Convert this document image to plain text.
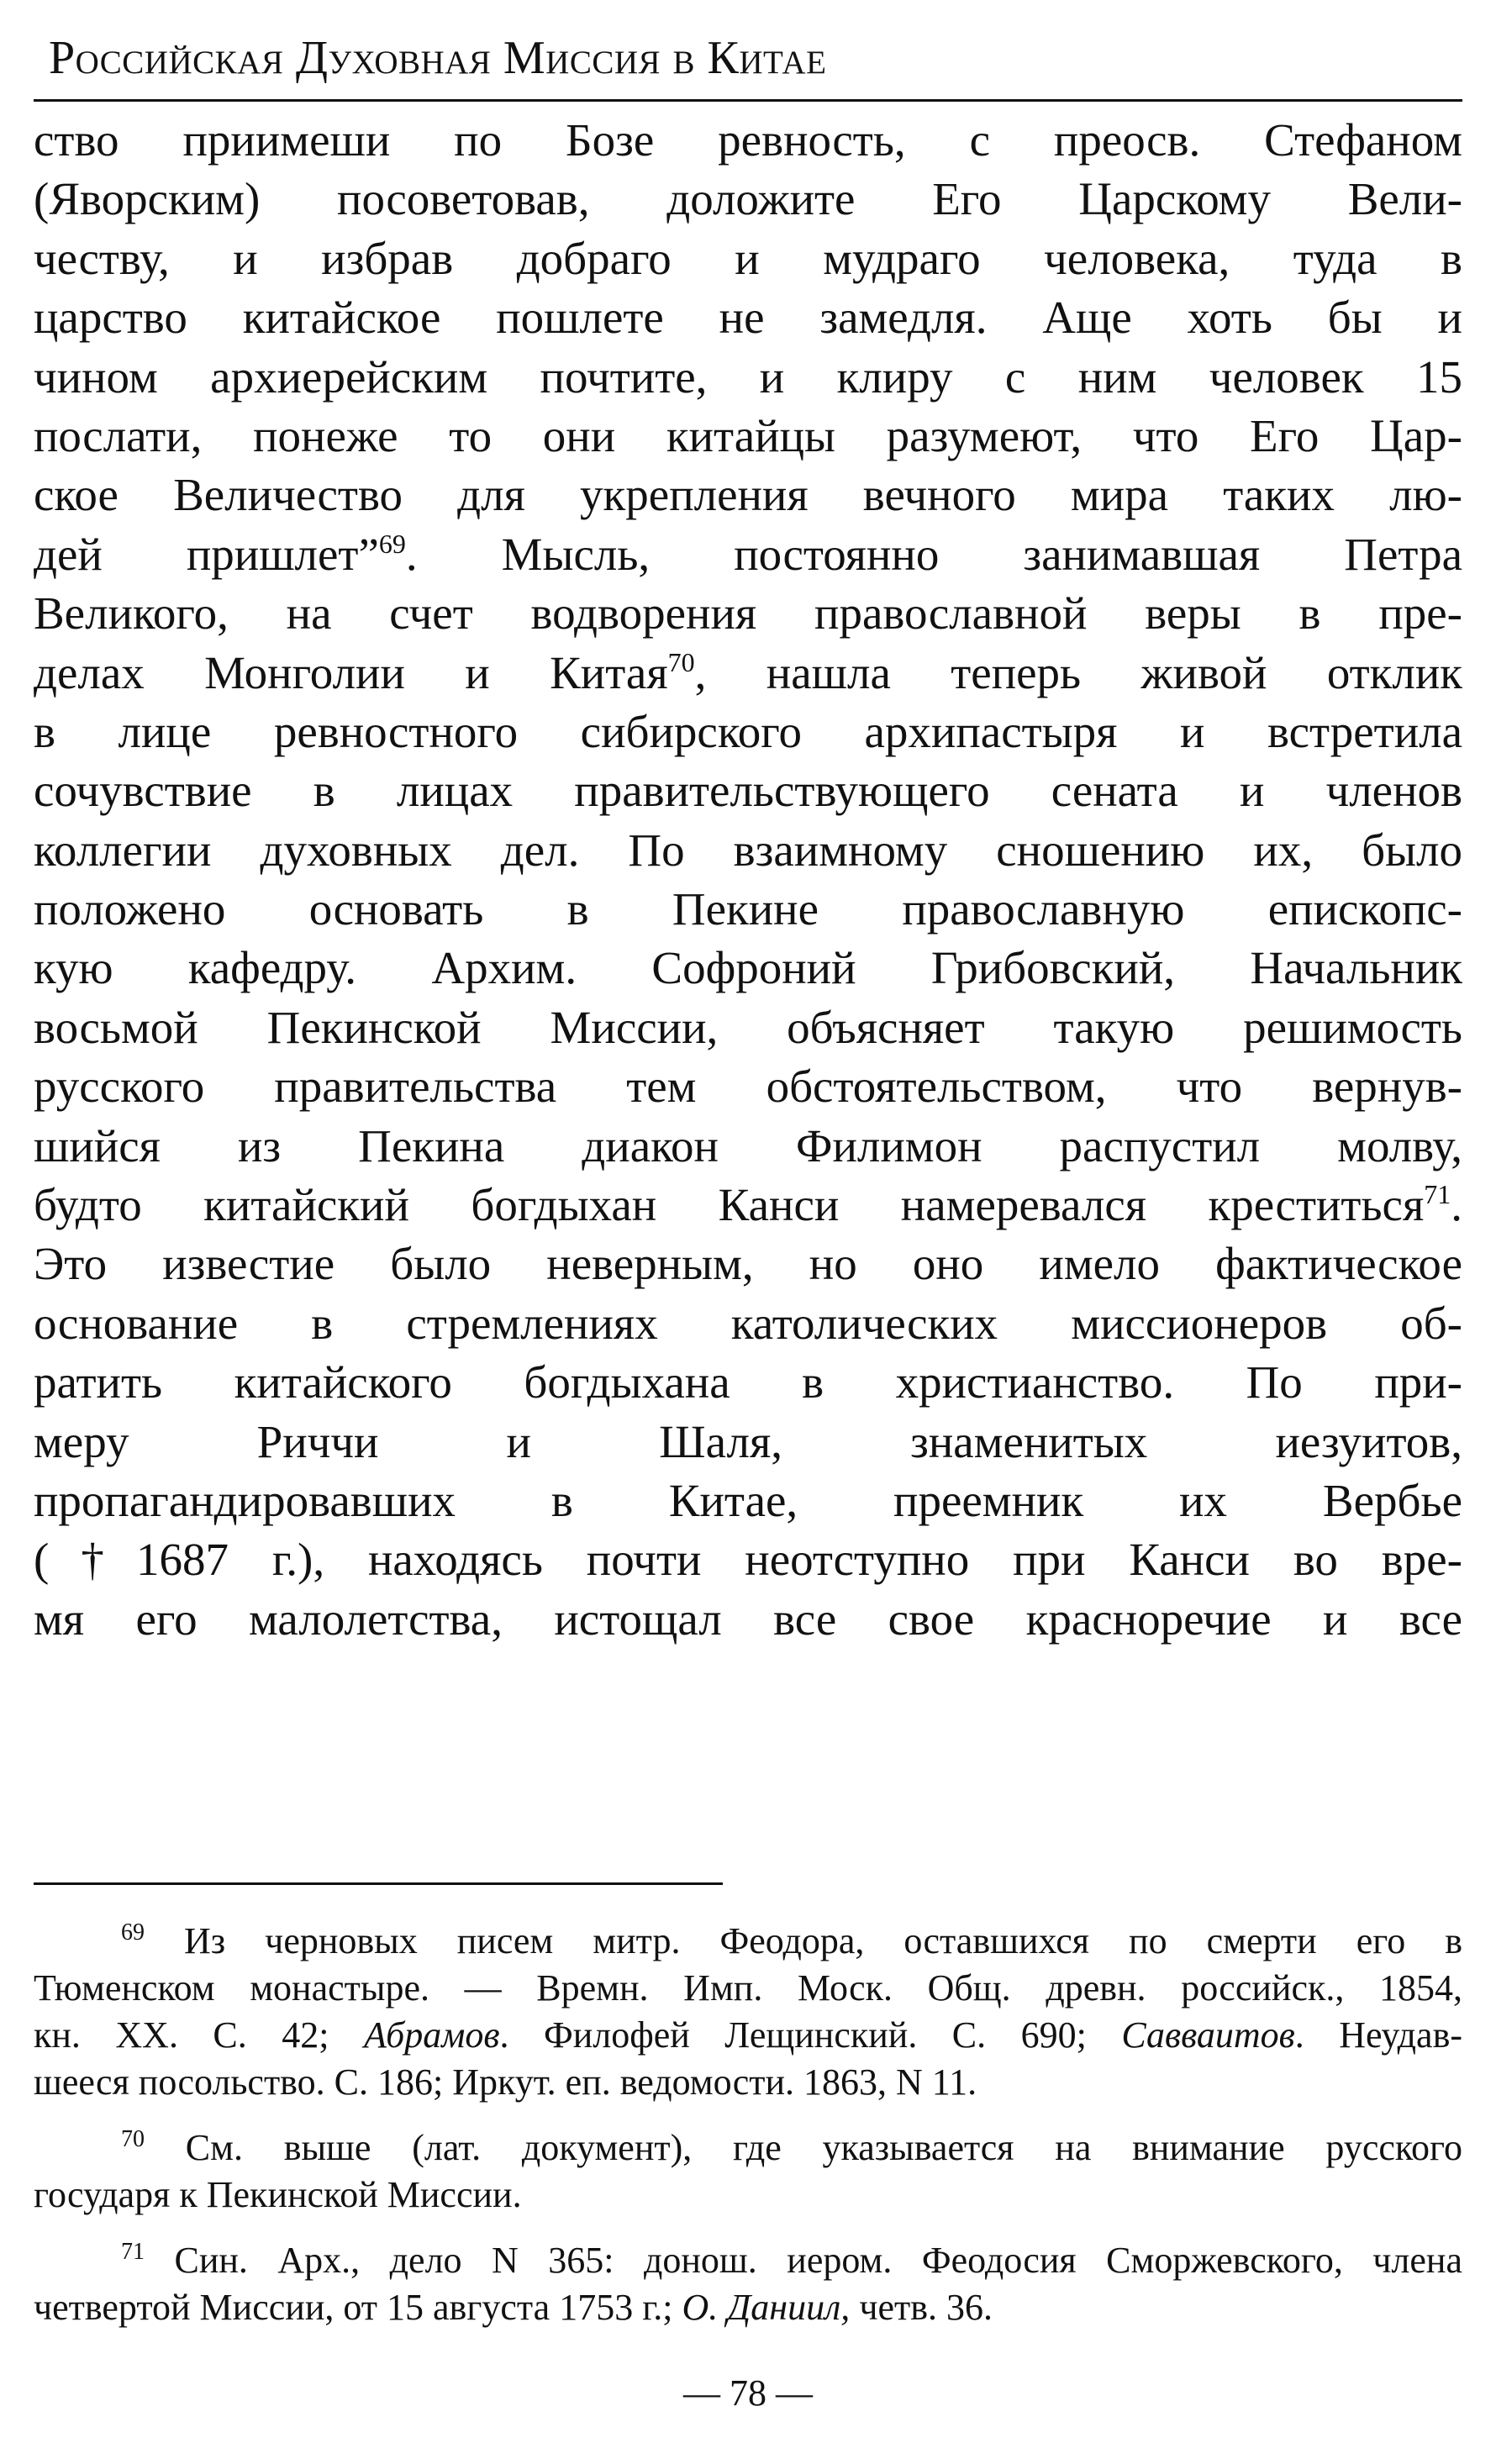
Российская Духовная Миссия в Китае
ство приимеши по Бозе ревность, с преосв. Стефаном
(Яворским) посоветовав, доложите Его Царскому Вели-
честву, и избрав добраго и мудраго человека, туда в
царство китайское пошлете не замедля. Аще хоть бы и
чином архиерейским почтите, и клиру с ним человек 15
послати, понеже то они китайцы разумеют, что Его Цар-
ское Величество для укрепления вечного мира таких лю-
дей пришлет”$^{69}$. Мысль, постоянно занимавшая Петра
Великого, на счет водворения православной веры в пре-
делах Монголии и Китая$^{70}$, нашла теперь живой отклик
в лице ревностного сибирского архипастыря и встретила
сочувствие в лицах правительствующего сената и членов
коллегии духовных дел. По взаимному сношению их, было
положено основать в Пекине православную епископс-
кую кафедру. Архим. Софроний Грибовский, Начальник
восьмой Пекинской Миссии, объясняет такую решимость
русского правительства тем обстоятельством, что вернув-
шийся из Пекина диакон Филимон распустил молву,
будто китайский богдыхан Канси намеревался креститься$^{71}$.
Это известие было неверным, но оно имело фактическое
основание в стремлениях католических миссионеров об-
ратить китайского богдыхана в христианство. По при-
меру Риччи и Шаля, знаменитых иезуитов,
пропагандировавших в Китае, преемник их Вербье
(†1687 г.), находясь почти неотступно при Канси во вре-
мя его малолетства, истощал все свое красноречие и все
$^{69}$ Из черновых писем митр. Феодора, оставшихся по смерти его в
Тюменском монастыре. — Времн. Имп. Моск. Общ. древн. российск., 1854,
кн. XX. С. 42; Абрамов. Филофей Лещинский. С. 690; Савваитов. Неудав-
шееся посольство. С. 186; Иркут. еп. ведомости. 1863, N 11.
$^{70}$ См. выше (лат. документ), где указывается на внимание русского
государя к Пекинской Миссии.
$^{71}$ Син. Арх., дело N 365: донош. иером. Феодосия Сморжевского, члена
четвертой Миссии, от 15 августа 1753 г.; О. Даниил, четв. 36.
— 78 —
